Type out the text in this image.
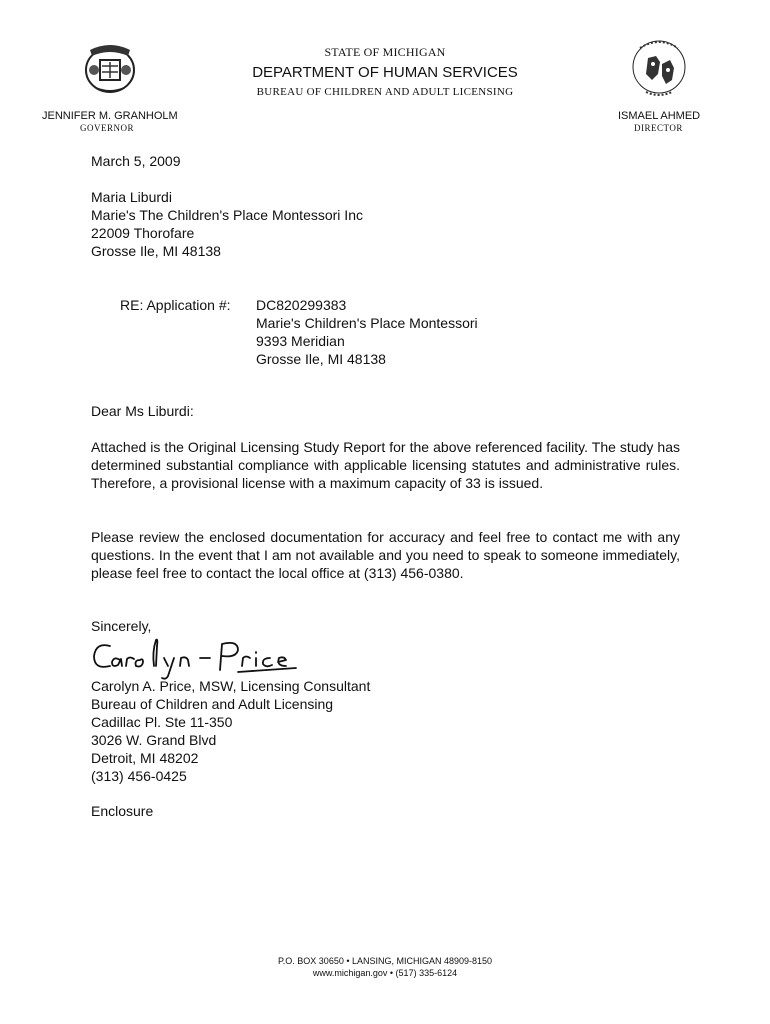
STATE OF MICHIGAN
DEPARTMENT OF HUMAN SERVICES
BUREAU OF CHILDREN AND ADULT LICENSING
JENNIFER M. GRANHOLM
GOVERNOR
ISMAEL AHMED
DIRECTOR
March 5, 2009
Maria Liburdi
Marie's The Children's Place Montessori Inc
22009 Thorofare
Grosse Ile, MI 48138
RE: Application #: DC820299383
Marie's Children's Place Montessori
9393 Meridian
Grosse Ile, MI 48138
Dear Ms Liburdi:
Attached is the Original Licensing Study Report for the above referenced facility. The study has determined substantial compliance with applicable licensing statutes and administrative rules. Therefore, a provisional license with a maximum capacity of 33 is issued.
Please review the enclosed documentation for accuracy and feel free to contact me with any questions. In the event that I am not available and you need to speak to someone immediately, please feel free to contact the local office at (313) 456-0380.
Sincerely,
Carolyn A. Price, MSW, Licensing Consultant
Bureau of Children and Adult Licensing
Cadillac Pl. Ste 11-350
3026 W. Grand Blvd
Detroit, MI 48202
(313) 456-0425
Enclosure
P.O. BOX 30650 • LANSING, MICHIGAN 48909-8150
www.michigan.gov • (517) 335-6124
